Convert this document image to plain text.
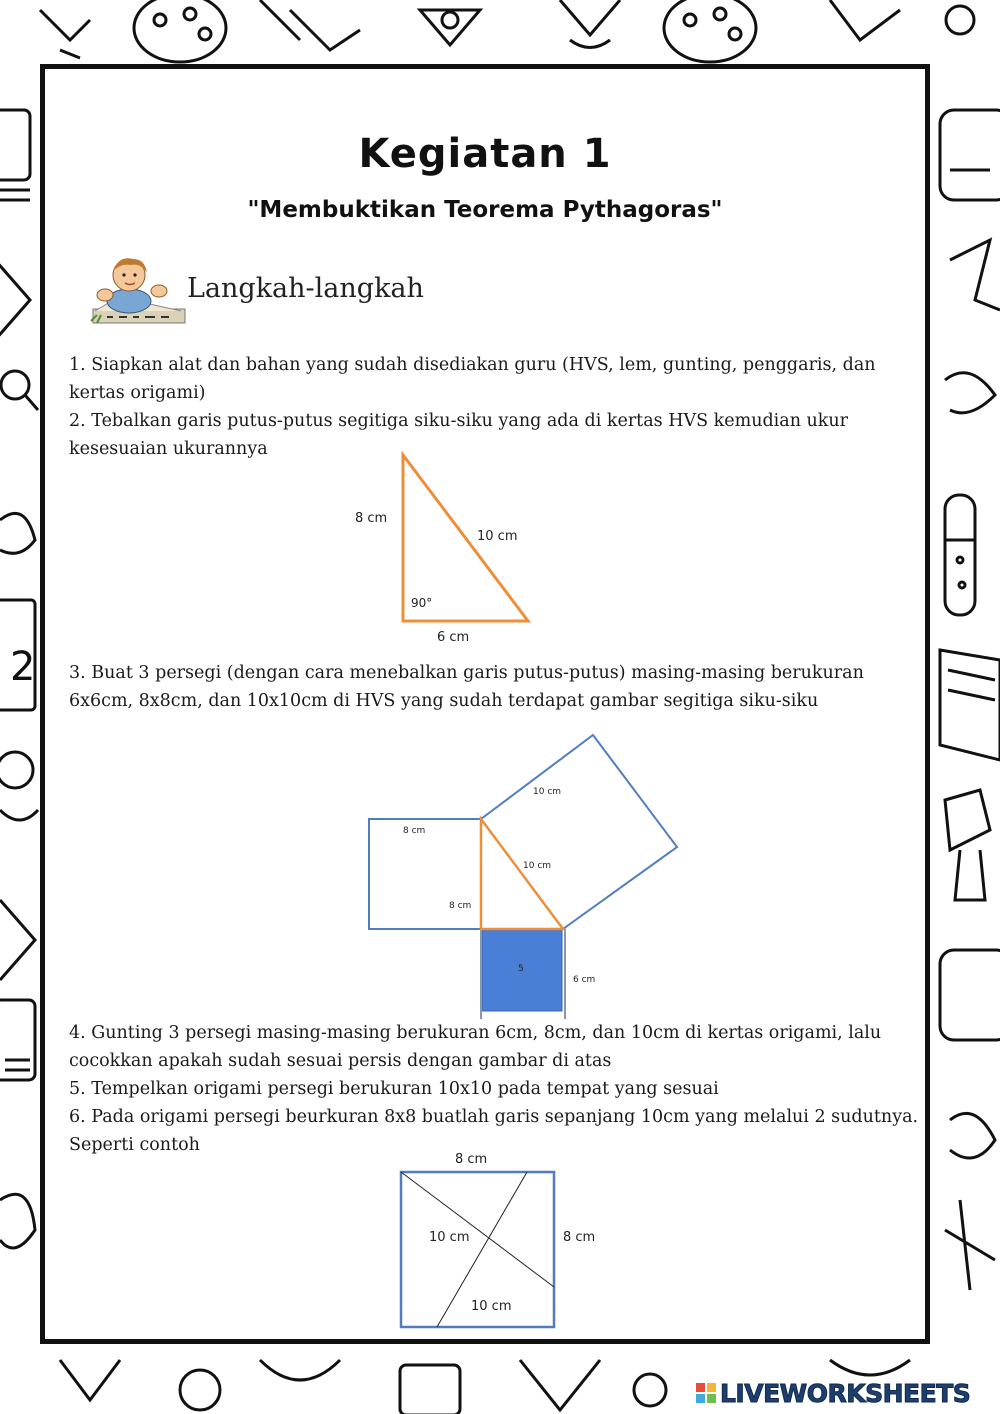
2
Kegiatan 1
"Membuktikan Teorema Pythagoras"
Langkah-langkah
1. Siapkan alat dan bahan yang sudah disediakan guru (HVS, lem, gunting, penggaris, dan kertas origami)
2. Tebalkan garis putus-putus segitiga siku-siku yang ada di kertas HVS kemudian ukur kesesuaian ukurannya
8 cm
10 cm
90°
6 cm
3. Buat 3 persegi (dengan cara menebalkan garis putus-putus) masing-masing berukuran 6x6cm, 8x8cm, dan 10x10cm di HVS yang sudah terdapat gambar segitiga siku-siku
10 cm
8 cm
10 cm
8 cm
5
6 cm
4. Gunting 3 persegi masing-masing berukuran 6cm, 8cm, dan 10cm di kertas origami, lalu cocokkan apakah sudah sesuai persis dengan gambar di atas
5. Tempelkan origami persegi berukuran 10x10 pada tempat yang sesuai
6. Pada origami persegi beurkuran 8x8 buatlah garis sepanjang 10cm yang melalui 2 sudutnya. Seperti contoh
8 cm
8 cm
10 cm
10 cm
LIVEWORKSHEETS
